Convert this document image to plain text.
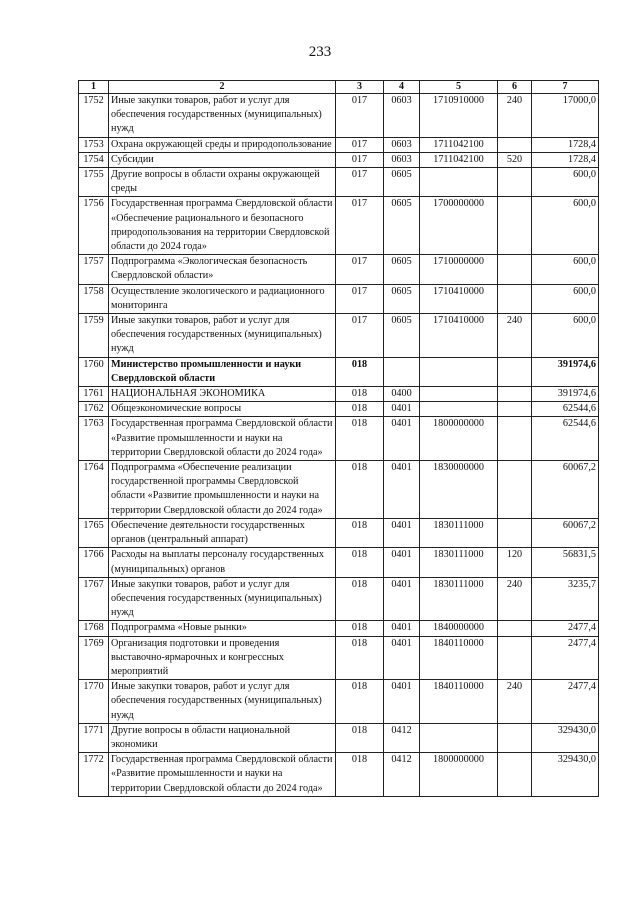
233
1	2	3	4	5	6	7
1752	Иные закупки товаров, работ и услуг для обеспечения государственных (муниципальных) нужд	017	0603	1710910000	240	17000,0
1753	Охрана окружающей среды и природопользование	017	0603	1711042100		1728,4
1754	Субсидии	017	0603	1711042100	520	1728,4
1755	Другие вопросы в области охраны окружающей среды	017	0605			600,0
1756	Государственная программа Свердловской области «Обеспечение рационального и безопасного природопользования на территории Свердловской области до 2024 года»	017	0605	1700000000		600,0
1757	Подпрограмма «Экологическая безопасность Свердловской области»	017	0605	1710000000		600,0
1758	Осуществление экологического и радиационного мониторинга	017	0605	1710410000		600,0
1759	Иные закупки товаров, работ и услуг для обеспечения государственных (муниципальных) нужд	017	0605	1710410000	240	600,0
1760	Министерство промышленности и науки Свердловской области	018				391974,6
1761	НАЦИОНАЛЬНАЯ ЭКОНОМИКА	018	0400			391974,6
1762	Общеэкономические вопросы	018	0401			62544,6
1763	Государственная программа Свердловской области «Развитие промышленности и науки на территории Свердловской области до 2024 года»	018	0401	1800000000		62544,6
1764	Подпрограмма «Обеспечение реализации государственной программы Свердловской области «Развитие промышленности и науки на территории Свердловской области до 2024 года»	018	0401	1830000000		60067,2
1765	Обеспечение деятельности государственных органов (центральный аппарат)	018	0401	1830111000		60067,2
1766	Расходы на выплаты персоналу государственных (муниципальных) органов	018	0401	1830111000	120	56831,5
1767	Иные закупки товаров, работ и услуг для обеспечения государственных (муниципальных) нужд	018	0401	1830111000	240	3235,7
1768	Подпрограмма «Новые рынки»	018	0401	1840000000		2477,4
1769	Организация подготовки и проведения выставочно-ярмарочных и конгрессных мероприятий	018	0401	1840110000		2477,4
1770	Иные закупки товаров, работ и услуг для обеспечения государственных (муниципальных) нужд	018	0401	1840110000	240	2477,4
1771	Другие вопросы в области национальной экономики	018	0412			329430,0
1772	Государственная программа Свердловской области «Развитие промышленности и науки на территории Свердловской области до 2024 года»	018	0412	1800000000		329430,0
